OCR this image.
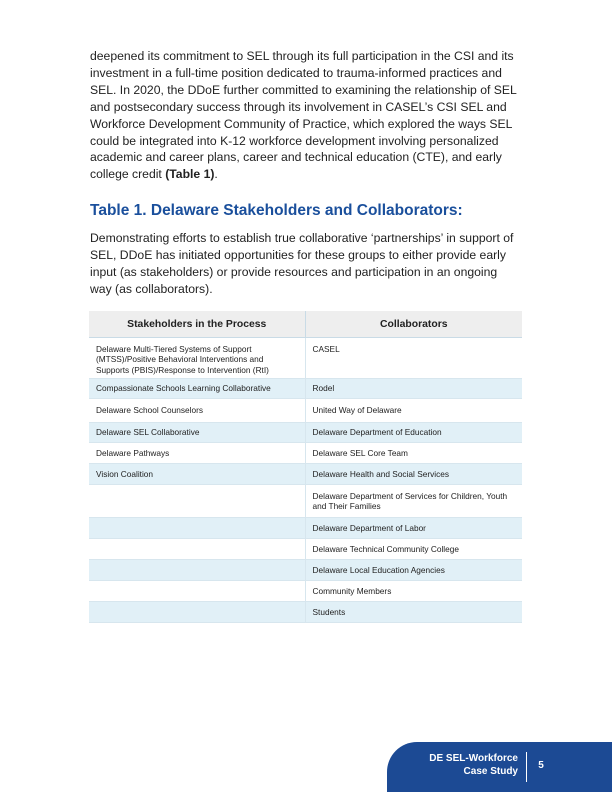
deepened its commitment to SEL through its full participation in the CSI and its investment in a full-time position dedicated to trauma-informed practices and SEL. In 2020, the DDoE further committed to examining the relationship of SEL and postsecondary success through its involvement in CASEL’s CSI SEL and Workforce Development Community of Practice, which explored the ways SEL could be integrated into K-12 workforce development involving personalized academic and career plans, career and technical education (CTE), and early college credit (Table 1).

Table 1. Delaware Stakeholders and Collaborators:

Demonstrating efforts to establish true collaborative ‘partnerships’ in support of SEL, DDoE has initiated opportunities for these groups to either provide early input (as stakeholders) or provide resources and participation in an ongoing way (as collaborators).

Stakeholders in the Process	Collaborators
Delaware Multi-Tiered Systems of Support (MTSS)/Positive Behavioral Interventions and Supports (PBIS)/Response to Intervention (RtI)	CASEL
Compassionate Schools Learning Collaborative	Rodel
Delaware School Counselors	United Way of Delaware
Delaware SEL Collaborative	Delaware Department of Education
Delaware Pathways	Delaware SEL Core Team
Vision Coalition	Delaware Health and Social Services
	Delaware Department of Services for Children, Youth and Their Families
	Delaware Department of Labor
	Delaware Technical Community College
	Delaware Local Education Agencies
	Community Members
	Students
DE SEL-Workforce
Case Study
5
